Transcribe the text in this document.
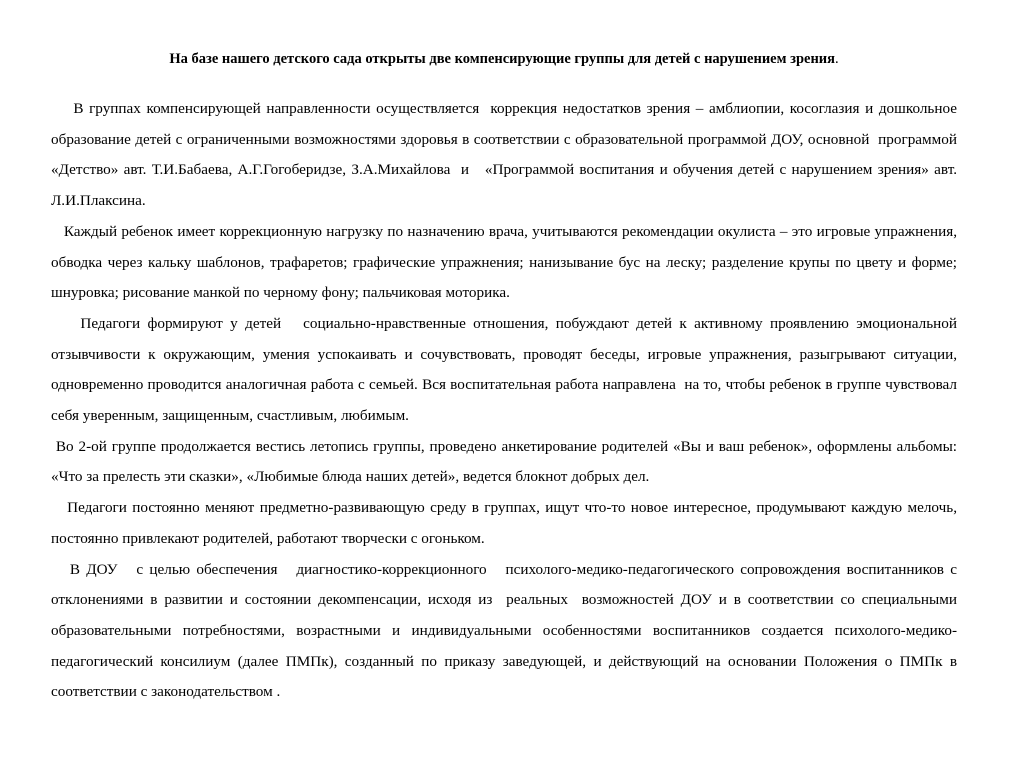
На базе нашего детского сада открыты две компенсирующие группы для детей с нарушением зрения.

В группах компенсирующей направленности осуществляется  коррекция недостатков зрения – амблиопии, косоглазия и дошкольное образование детей с ограниченными возможностями здоровья в соответствии с образовательной программой ДОУ, основной  программой «Детство» авт. Т.И.Бабаева, А.Г.Гогоберидзе, З.А.Михайлова  и   «Программой воспитания и обучения детей с нарушением зрения» авт. Л.И.Плаксина.

Каждый ребенок имеет коррекционную нагрузку по назначению врача, учитываются рекомендации окулиста – это игровые упражнения, обводка через кальку шаблонов, трафаретов; графические упражнения; нанизывание бус на леску; разделение крупы по цвету и форме; шнуровка; рисование манкой по черному фону; пальчиковая моторика.

Педагоги формируют у детей   социально-нравственные отношения, побуждают детей к активному проявлению эмоциональной отзывчивости к окружающим, умения успокаивать и сочувствовать, проводят беседы, игровые упражнения, разыгрывают ситуации, одновременно проводится аналогичная работа с семьей. Вся воспитательная работа направлена  на то, чтобы ребенок в группе чувствовал себя уверенным, защищенным, счастливым, любимым.

Во 2-ой группе продолжается вестись летопись группы, проведено анкетирование родителей «Вы и ваш ребенок», оформлены альбомы: «Что за прелесть эти сказки», «Любимые блюда наших детей», ведется блокнот добрых дел.

Педагоги постоянно меняют предметно-развивающую среду в группах, ищут что-то новое интересное, продумывают каждую мелочь, постоянно привлекают родителей, работают творчески с огоньком.

В ДОУ   с целью обеспечения   диагностико-коррекционного   психолого-медико-педагогического сопровождения воспитанников с отклонениями в развитии и состоянии декомпенсации, исходя из  реальных  возможностей ДОУ и в соответствии со специальными образовательными потребностями, возрастными и индивидуальными особенностями воспитанников создается психолого-медико-педагогический консилиум (далее ПМПк), созданный по приказу заведующей, и действующий на основании Положения о ПМПк в соответствии с законодательством .
